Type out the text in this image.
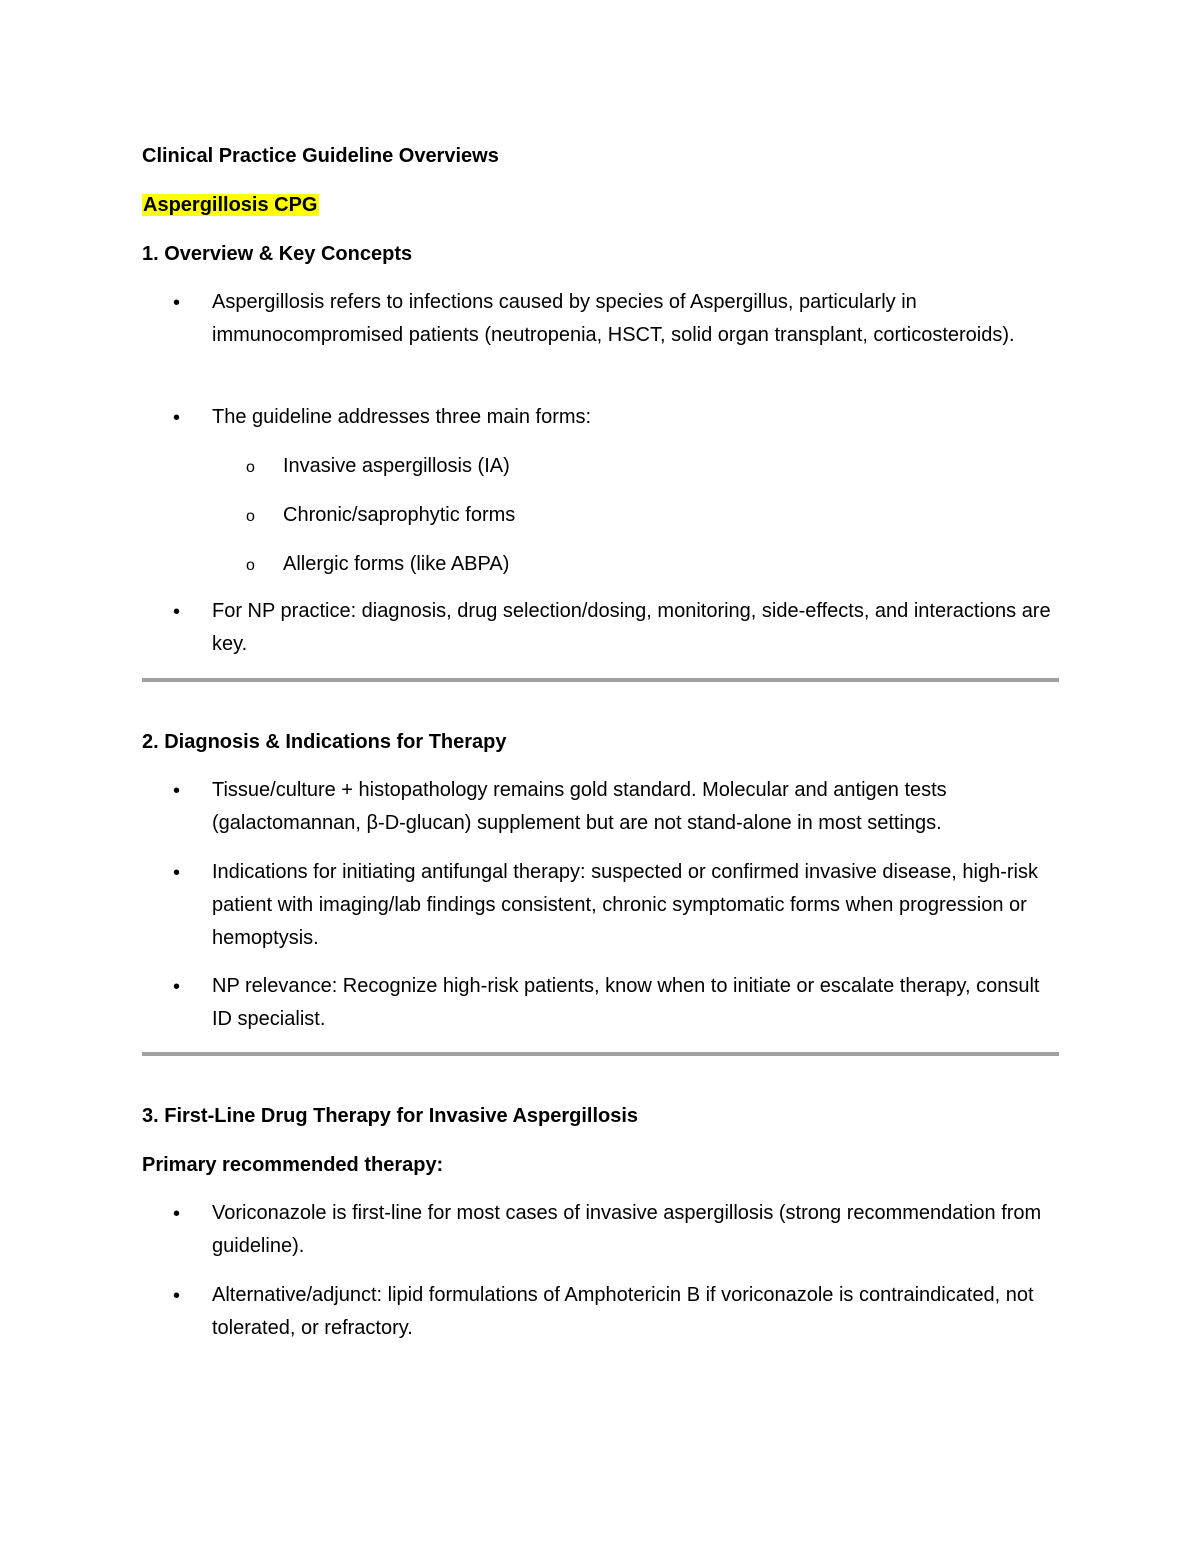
Clinical Practice Guideline Overviews
Aspergillosis CPG
1. Overview & Key Concepts
• Aspergillosis refers to infections caused by species of Aspergillus, particularly in immunocompromised patients (neutropenia, HSCT, solid organ transplant, corticosteroids).
• The guideline addresses three main forms:
o Invasive aspergillosis (IA)
o Chronic/saprophytic forms
o Allergic forms (like ABPA)
• For NP practice: diagnosis, drug selection/dosing, monitoring, side-effects, and interactions are key.
2. Diagnosis & Indications for Therapy
• Tissue/culture + histopathology remains gold standard. Molecular and antigen tests (galactomannan, β-D-glucan) supplement but are not stand-alone in most settings.
• Indications for initiating antifungal therapy: suspected or confirmed invasive disease, high-risk patient with imaging/lab findings consistent, chronic symptomatic forms when progression or hemoptysis.
• NP relevance: Recognize high-risk patients, know when to initiate or escalate therapy, consult ID specialist.
3. First-Line Drug Therapy for Invasive Aspergillosis
Primary recommended therapy:
• Voriconazole is first-line for most cases of invasive aspergillosis (strong recommendation from guideline).
• Alternative/adjunct: lipid formulations of Amphotericin B if voriconazole is contraindicated, not tolerated, or refractory.
